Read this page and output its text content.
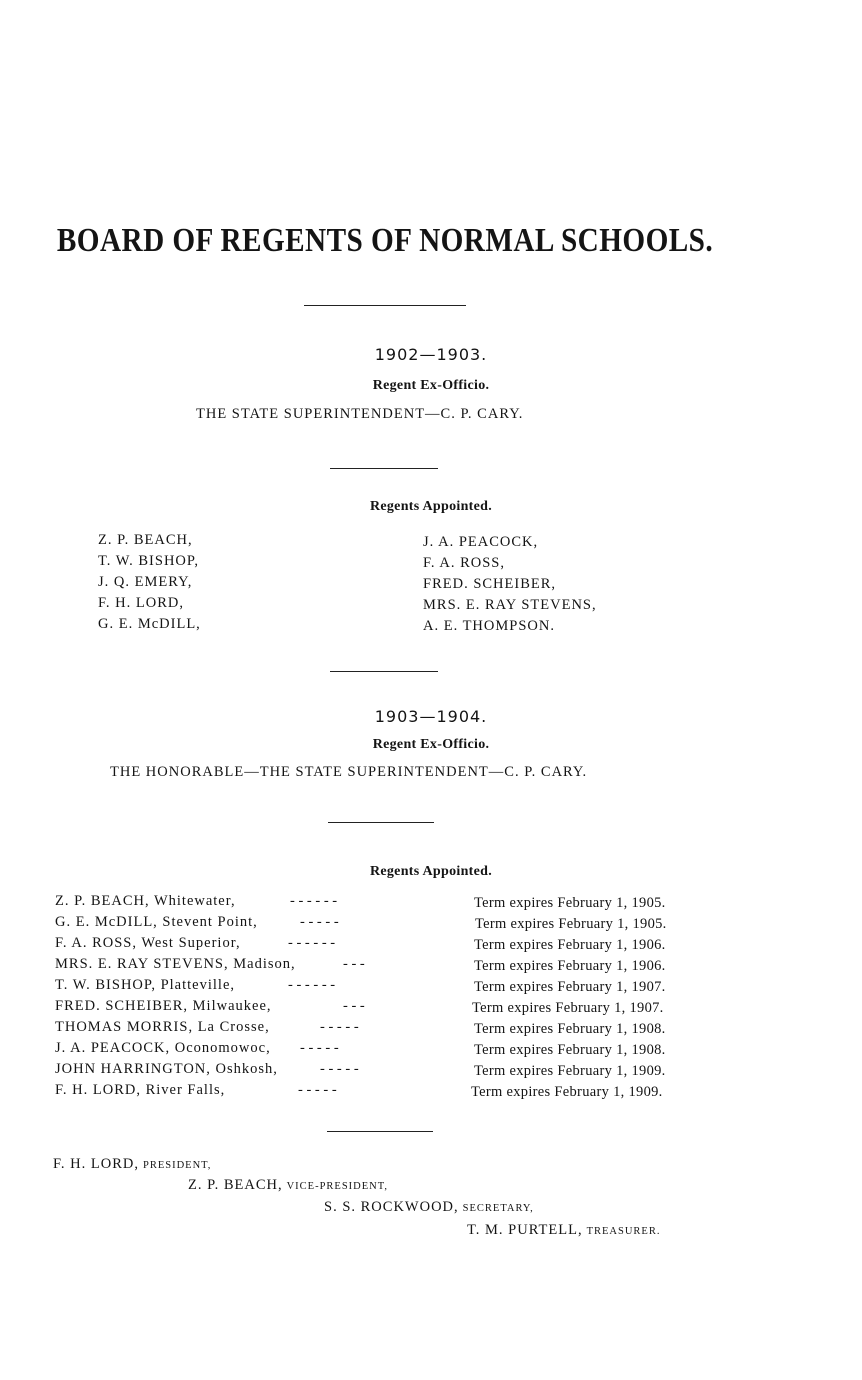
BOARD OF REGENTS OF NORMAL SCHOOLS.
1902—1903.
Regent Ex-Officio.
THE STATE SUPERINTENDENT—C. P. CARY.
Regents Appointed.
Z. P. BEACH,
T. W. BISHOP,
J. Q. EMERY,
F. H. LORD,
G. E. McDILL,
J. A. PEACOCK,
F. A. ROSS,
FRED. SCHEIBER,
MRS. E. RAY STEVENS,
A. E. THOMPSON.
1903—1904.
Regent Ex-Officio.
THE HONORABLE—THE STATE SUPERINTENDENT—C. P. CARY.
Regents Appointed.
Z. P. BEACH, Whitewater,	- - - - - -	Term expires February 1, 1905.
G. E. McDILL, Stevent Point,	- - - - -	Term expires February 1, 1905.
F. A. ROSS, West Superior,	- - - - - -	Term expires February 1, 1906.
MRS. E. RAY STEVENS, Madison,	- - -	Term expires February 1, 1906.
T. W. BISHOP, Platteville,	- - - - - -	Term expires February 1, 1907.
FRED. SCHEIBER, Milwaukee,	- - -	Term expires February 1, 1907.
THOMAS MORRIS, La Crosse,	- - - - -	Term expires February 1, 1908.
J. A. PEACOCK, Oconomowoc, - - - - -	Term expires February 1, 1908.
JOHN HARRINGTON, Oshkosh,	- - - - -	Term expires February 1, 1909.
F. H. LORD, River Falls,	- - - - -	Term expires February 1, 1909.
F. H. LORD, PRESIDENT,
Z. P. BEACH, VICE-PRESIDENT,
S. S. ROCKWOOD, SECRETARY,
T. M. PURTELL, TREASURER.
